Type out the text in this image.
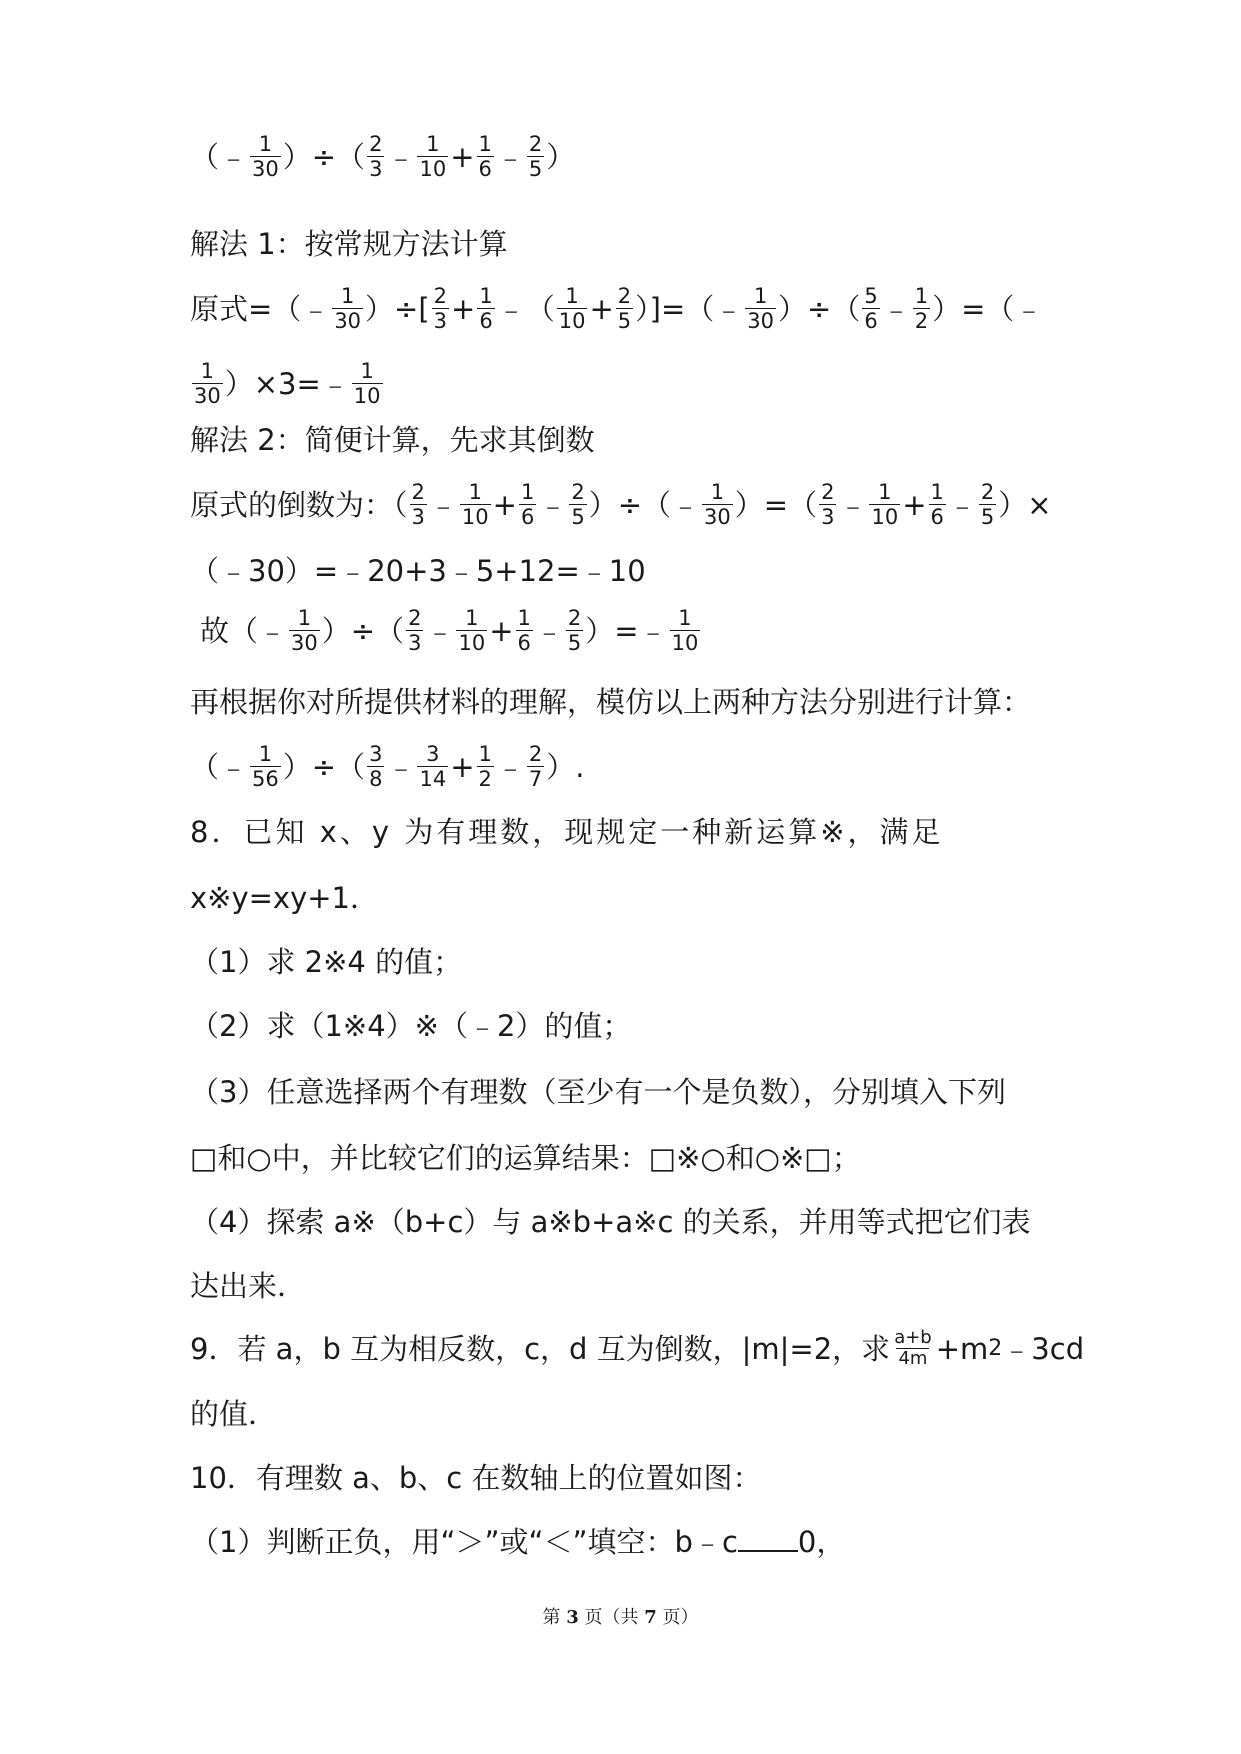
（﹣ $\frac{1}{30}$ ）÷（ $\frac{2}{3}$ ﹣ $\frac{1}{10} + \frac{1}{6}$ ﹣ $\frac{2}{5}$ ）
解法 1：按常规方法计算
原式=（﹣ $\frac{1}{30}$ ）÷[ $\frac{2}{3} + \frac{1}{6}$ ﹣（ $\frac{1}{10} + \frac{2}{5}$ ）]=（﹣ $\frac{1}{30}$ ）÷（ $\frac{5}{6}$ ﹣ $\frac{1}{2}$ ）=（﹣
$\frac{1}{30}$ ）×3=﹣ $\frac{1}{10}$
解法 2：简便计算，先求其倒数
原式的倒数为：（ $\frac{2}{3}$ ﹣ $\frac{1}{10} + \frac{1}{6}$ ﹣ $\frac{2}{5}$ ）÷（﹣ $\frac{1}{30}$ ）=（ $\frac{2}{3}$ ﹣ $\frac{1}{10} + \frac{1}{6}$ ﹣ $\frac{2}{5}$ ）×
（﹣30）=﹣20+3﹣5+12=﹣10
故（﹣ $\frac{1}{30}$ ）÷（ $\frac{2}{3}$ ﹣ $\frac{1}{10} + \frac{1}{6}$ ﹣ $\frac{2}{5}$ ）=﹣ $\frac{1}{10}$
再根据你对所提供材料的理解，模仿以上两种方法分别进行计算：
（﹣ $\frac{1}{56}$ ）÷（ $\frac{3}{8}$ ﹣ $\frac{3}{14} + \frac{1}{2}$ ﹣ $\frac{2}{7}$ ）.
8．已知 x、y 为有理数，现规定一种新运算※，满足
x※y=xy+1．
（1）求 2※4 的值；
（2）求（1※4）※（﹣2）的值；
（3）任意选择两个有理数（至少有一个是负数），分别填入下列
□和○中，并比较它们的运算结果：□※○和○※□；
（4）探索 a※（b+c）与 a※b+a※c 的关系，并用等式把它们表
达出来．
9．若 a，b 互为相反数，c，d 互为倒数， |m|=2，求 $\frac{a+b}{4m} +m$ 2 ﹣3cd
的值．
10．有理数 a、b、c 在数轴上的位置如图：
（1）判断正负，用“＞”或“＜”填空：b﹣c 0，
第 3 页（共 7 页）
